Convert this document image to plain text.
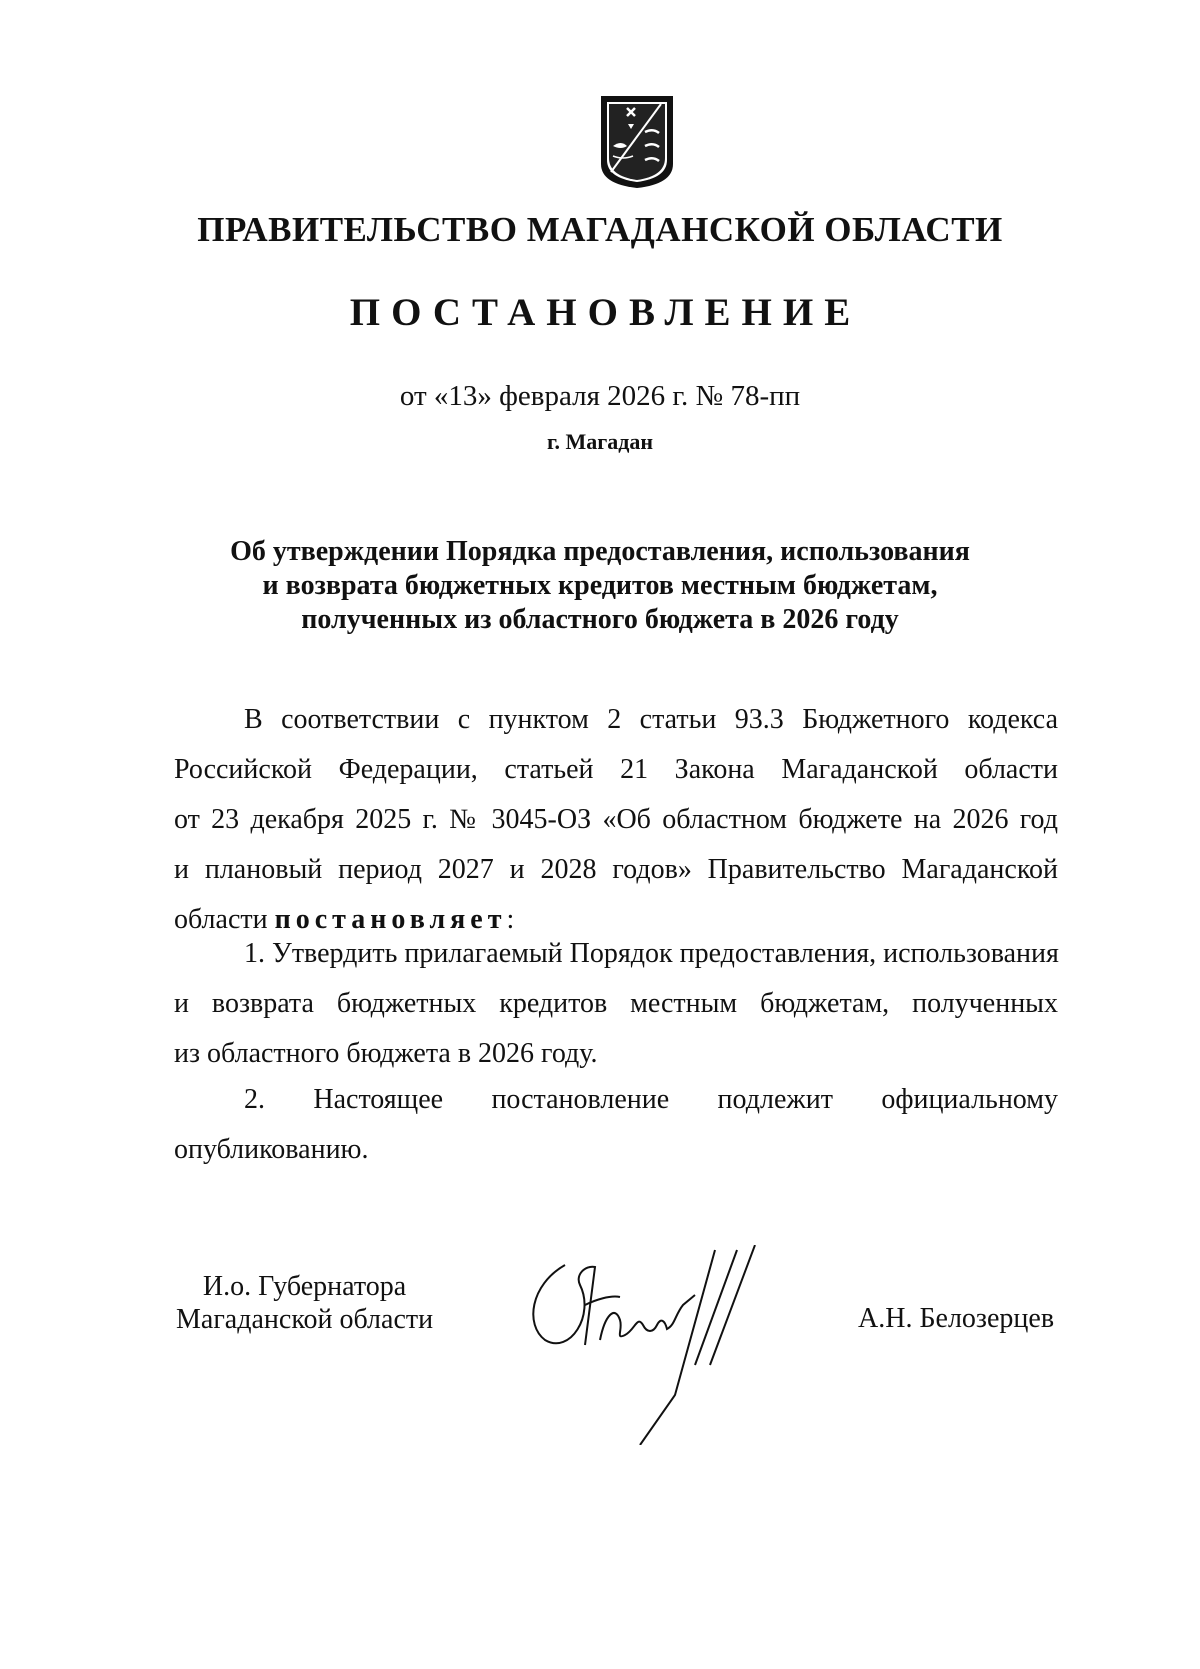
ПРАВИТЕЛЬСТВО МАГАДАНСКОЙ ОБЛАСТИ
ПОСТАНОВЛЕНИЕ
от «13» февраля 2026 г. № 78-пп
г. Магадан
Об утверждении Порядка предоставления, использования
и возврата бюджетных кредитов местным бюджетам,
полученных из областного бюджета в 2026 году
В соответствии с пунктом 2 статьи 93.3 Бюджетного кодекса
Российской Федерации, статьей 21 Закона Магаданской области
от 23 декабря 2025 г. № 3045-ОЗ «Об областном бюджете на 2026 год
и плановый период 2027 и 2028 годов» Правительство Магаданской
области постановляет:
1. Утвердить прилагаемый Порядок предоставления, использования
и возврата бюджетных кредитов местным бюджетам, полученных
из областного бюджета в 2026 году.
2. Настоящее постановление подлежит официальному
опубликованию.
И.о. Губернатора
Магаданской области	А.Н. Белозерцев
